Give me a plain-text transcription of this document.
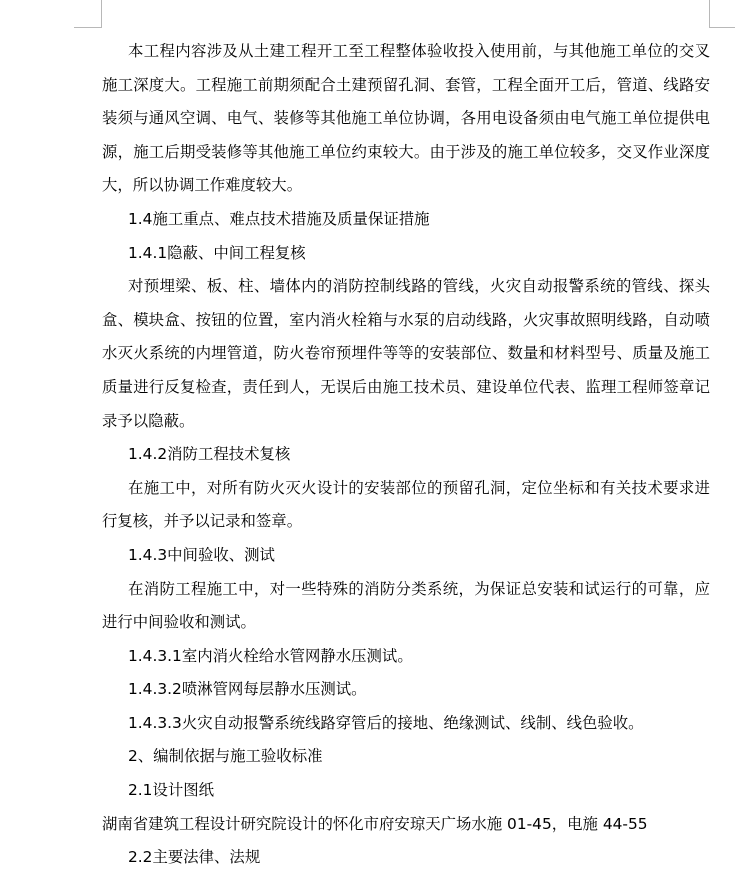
本工程内容涉及从土建工程开工至工程整体验收投入使用前，与其他施工单位的交叉施工深度大。工程施工前期须配合土建预留孔洞、套管，工程全面开工后，管道、线路安装须与通风空调、电气、装修等其他施工单位协调，各用电设备须由电气施工单位提供电源，施工后期受装修等其他施工单位约束较大。由于涉及的施工单位较多，交叉作业深度大，所以协调工作难度较大。

1.4施工重点、难点技术措施及质量保证措施

1.4.1隐蔽、中间工程复核

对预埋梁、板、柱、墙体内的消防控制线路的管线，火灾自动报警系统的管线、探头盒、模块盒、按钮的位置，室内消火栓箱与水泵的启动线路，火灾事故照明线路，自动喷水灭火系统的内埋管道，防火卷帘预埋件等等的安装部位、数量和材料型号、质量及施工质量进行反复检查，责任到人，无误后由施工技术员、建设单位代表、监理工程师签章记录予以隐蔽。

1.4.2消防工程技术复核

在施工中，对所有防火灭火设计的安装部位的预留孔洞，定位坐标和有关技术要求进行复核，并予以记录和签章。

1.4.3中间验收、测试

在消防工程施工中，对一些特殊的消防分类系统，为保证总安装和试运行的可靠，应进行中间验收和测试。

1.4.3.1室内消火栓给水管网静水压测试。

1.4.3.2喷淋管网每层静水压测试。

1.4.3.3火灾自动报警系统线路穿管后的接地、绝缘测试、线制、线色验收。

2、编制依据与施工验收标准

2.1设计图纸

湖南省建筑工程设计研究院设计的怀化市府安琼天广场水施 01-45，电施 44-55

2.2主要法律、法规
